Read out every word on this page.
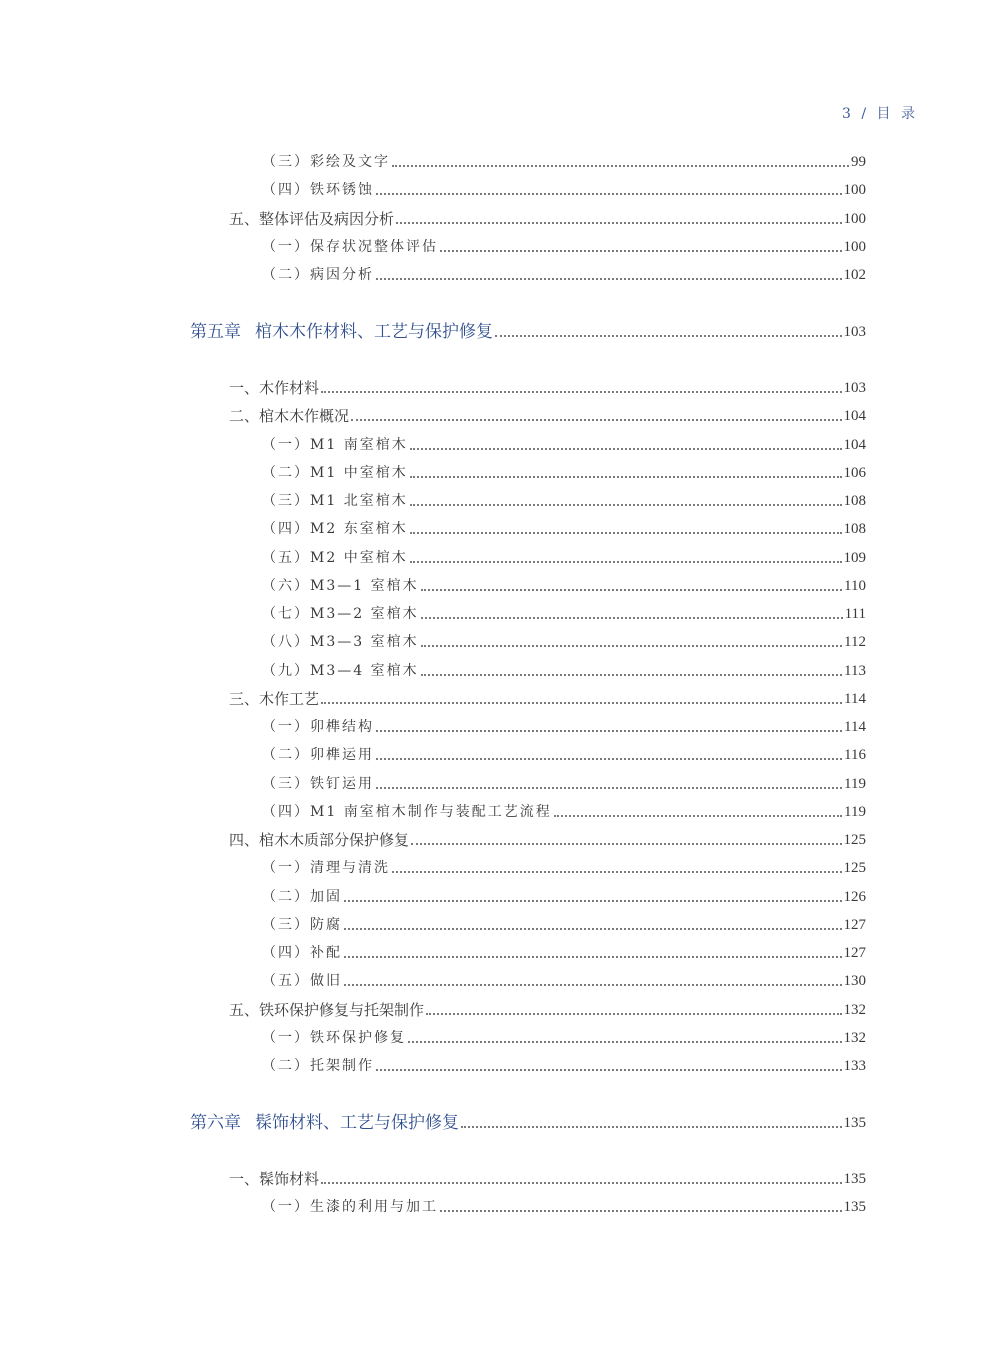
3 / 目 录
（三）彩绘及文字	99
（四）铁环锈蚀	100
五、整体评估及病因分析	100
（一）保存状况整体评估	100
（二）病因分析	102
第五章 棺木木作材料、工艺与保护修复	103
一、木作材料	103
二、棺木木作概况	104
（一）M1 南室棺木	104
（二）M1 中室棺木	106
（三）M1 北室棺木	108
（四）M2 东室棺木	108
（五）M2 中室棺木	109
（六）M3—1 室棺木	110
（七）M3—2 室棺木	111
（八）M3—3 室棺木	112
（九）M3—4 室棺木	113
三、木作工艺	114
（一）卯榫结构	114
（二）卯榫运用	116
（三）铁钉运用	119
（四）M1 南室棺木制作与装配工艺流程	119
四、棺木木质部分保护修复	125
（一）清理与清洗	125
（二）加固	126
（三）防腐	127
（四）补配	127
（五）做旧	130
五、铁环保护修复与托架制作	132
（一）铁环保护修复	132
（二）托架制作	133
第六章 髹饰材料、工艺与保护修复	135
一、髹饰材料	135
（一）生漆的利用与加工	135
